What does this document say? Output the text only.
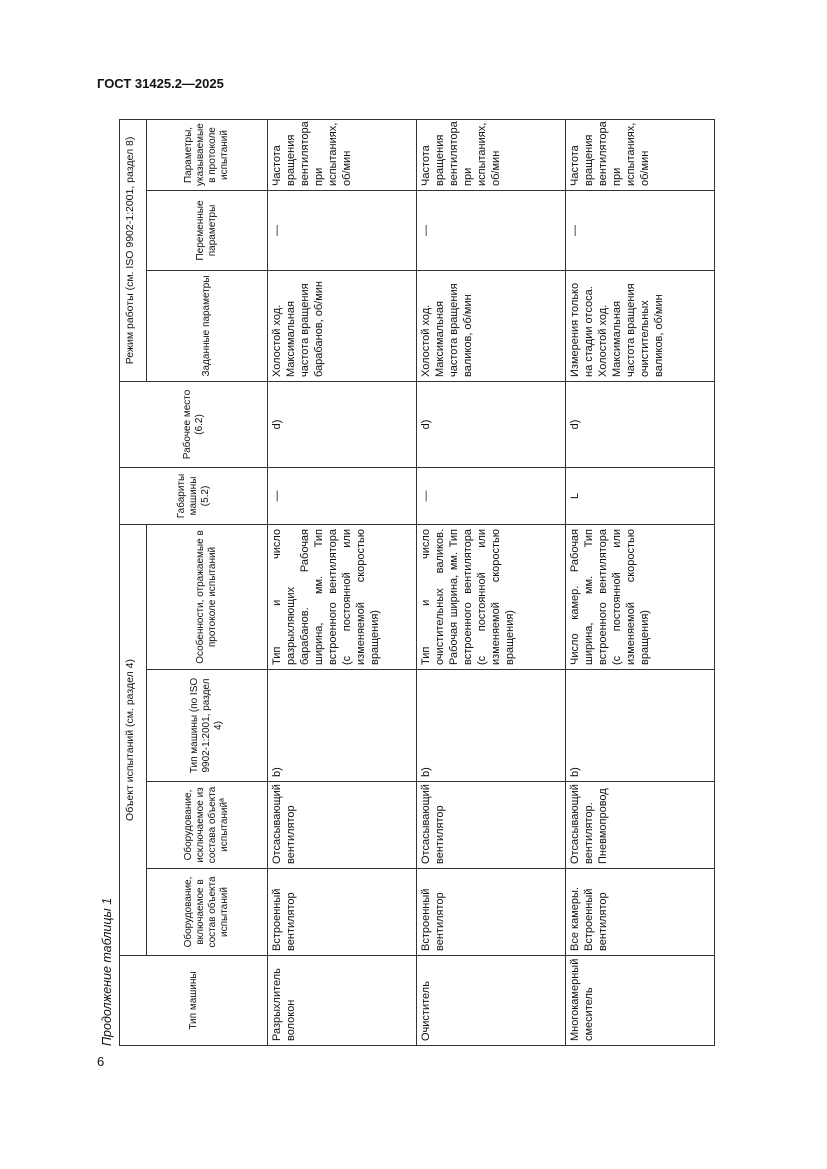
ГОСТ 31425.2—2025
6
Продолжение таблицы 1	Тип машины	Объект испытаний (см. раздел 4)				Габариты машины (5.2)	Рабочее место (6.2)	Режим работы (см. ISO 9902-1:2001, раздел 8)		
	Оборудование, включаемое в состав объекта испытаний	Оборудование, исключаемое из состава объекта испытанийª	Тип машины (по ISO 9902-1:2001, раздел 4)	Особенности, отражаемые в протоколе испытаний			Заданные параметры	Переменные параметры	Параметры, указываемые в протоколе испытаний
Разрыхлитель волокон	Встроенный вентилятор	Отсасывающий вентилятор	b)	Тип и число разрыхляющих барабанов. Рабочая ширина, мм. Тип встроенного вентилятора (с постоянной или изменяемой скоростью вращения)	—	d)	Холостой ход. Максимальная частота вращения барабанов, об/мин	—	Частота вращения вентилятора при испытаниях, об/мин
Очиститель	Встроенный вентилятор	Отсасывающий вентилятор	b)	Тип и число очистительных валиков. Рабочая ширина, мм. Тип встроенного вентилятора (с постоянной или изменяемой скоростью вращения)	—	d)	Холостой ход. Максимальная частота вращения валиков, об/мин	—	Частота вращения вентилятора при испытаниях, об/мин
Многокамерный смеситель	Все камеры. Встроенный вентилятор	Отсасывающий вентилятор. Пневмопровод	b)	Число камер. Рабочая ширина, мм. Тип встроенного вентилятора (с постоянной или изменяемой скоростью вращения)	L	d)	Измерения только на стадии отсоса. Холостой ход. Максимальная частота вращения очистительных валиков, об/мин	—	Частота вращения вентилятора при испытаниях, об/мин
